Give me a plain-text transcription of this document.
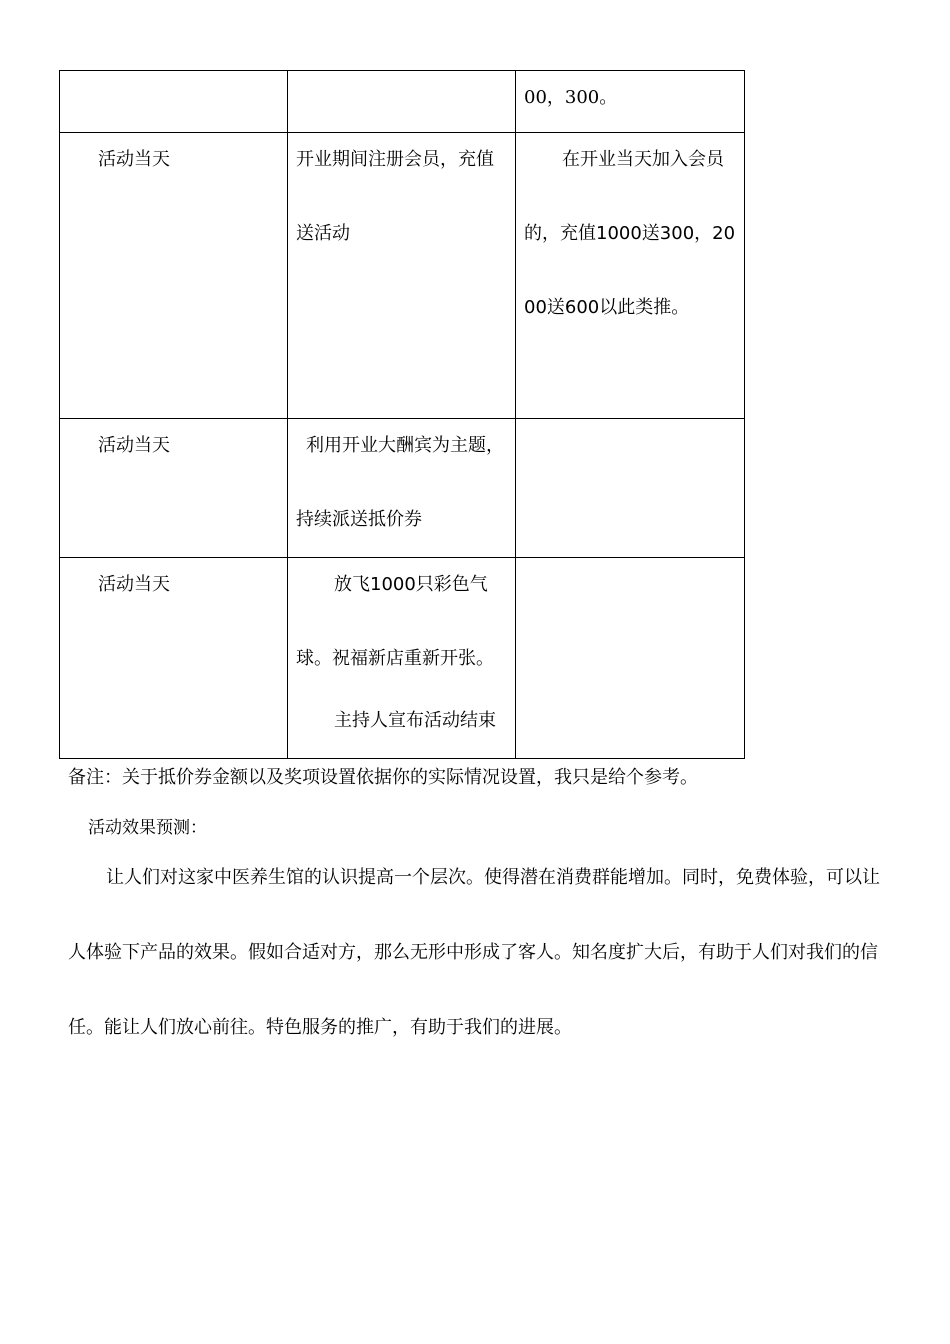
		00，300。

活动当天	开业期间注册会员，充值送活动	在开业当天加入会员的，充值1000送300，2000送600以此类推。

活动当天	利用开业大酬宾为主题，持续派送抵价券	

活动当天	放飞1000只彩色气球。祝福新店重新开张。
主持人宣布活动结束	

备注：关于抵价券金额以及奖项设置依据你的实际情况设置，我只是给个参考。
活动效果预测：

让人们对这家中医养生馆的认识提高一个层次。使得潜在消费群能增加。同时，免费体验，可以让人体验下产品的效果。假如合适对方，那么无形中形成了客人。知名度扩大后，有助于人们对我们的信任。能让人们放心前往。特色服务的推广，有助于我们的进展。
